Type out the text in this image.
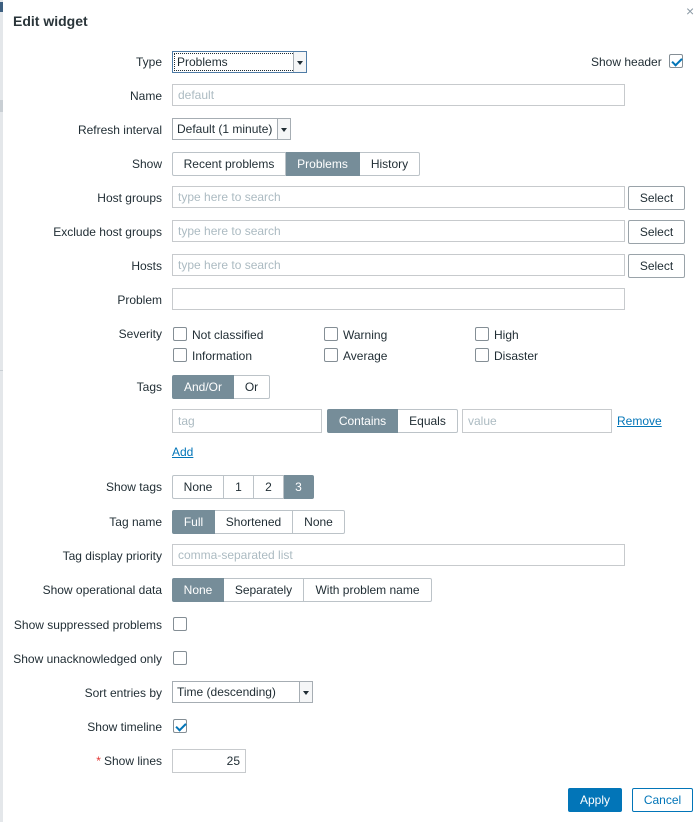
Edit widget
×
Type	Problems	Show header
Name	default
Refresh interval	Default (1 minute)
Show	Recent problems	Problems	History
Host groups	type here to search	Select
Exclude host groups	type here to search	Select
Hosts	type here to search	Select
Problem
Severity	Not classified	Warning	High
Information	Average	Disaster
Tags	And/Or	Or
tag	Contains	Equals	value	Remove
Add
Show tags	None	1	2	3
Tag name	Full	Shortened	None
Tag display priority	comma-separated list
Show operational data	None	Separately	With problem name
Show suppressed problems
Show unacknowledged only
Sort entries by	Time (descending)
Show timeline
* Show lines	25
Apply	Cancel
